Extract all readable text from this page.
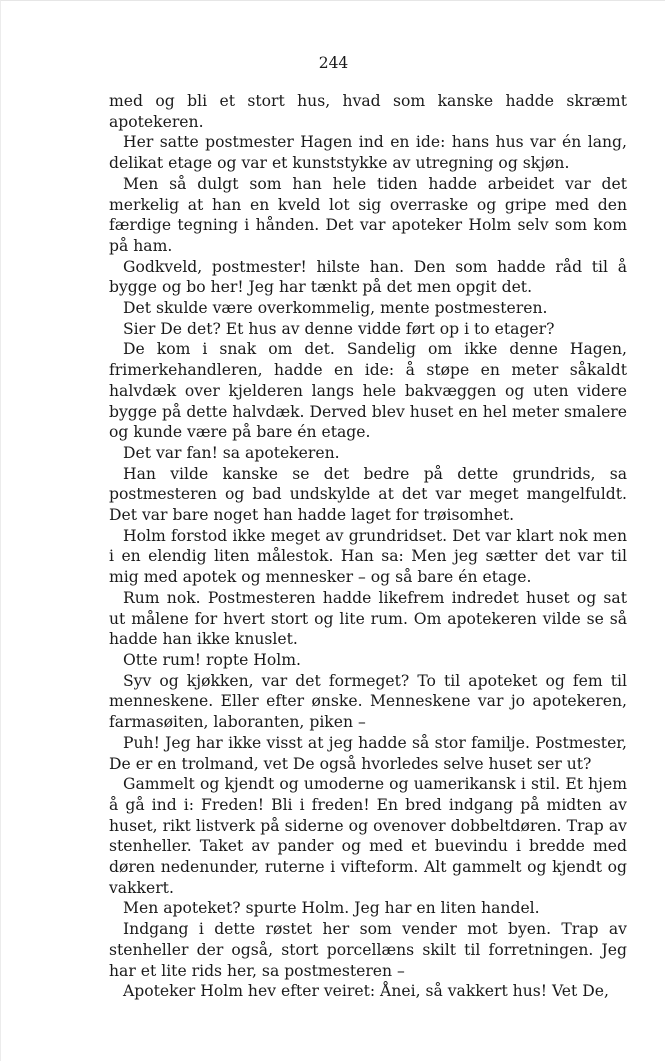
244

med og bli et stort hus, hvad som kanske hadde skræmt apotekeren.

Her satte postmester Hagen ind en ide: hans hus var én lang, delikat etage og var et kunststykke av utregning og skjøn.

Men så dulgt som han hele tiden hadde arbeidet var det merkelig at han en kveld lot sig overraske og gripe med den færdige tegning i hånden. Det var apoteker Holm selv som kom på ham.

Godkveld, postmester! hilste han. Den som hadde råd til å bygge og bo her! Jeg har tænkt på det men opgit det.

Det skulde være overkommelig, mente postmesteren.

Sier De det? Et hus av denne vidde ført op i to etager?

De kom i snak om det. Sandelig om ikke denne Hagen, frimerkehandleren, hadde en ide: å støpe en meter såkaldt halvdæk over kjelderen langs hele bakvæggen og uten videre bygge på dette halvdæk. Derved blev huset en hel meter smalere og kunde være på bare én etage.

Det var fan! sa apotekeren.

Han vilde kanske se det bedre på dette grundrids, sa postmesteren og bad undskylde at det var meget mangelfuldt. Det var bare noget han hadde laget for trøisomhet.

Holm forstod ikke meget av grundridset. Det var klart nok men i en elendig liten målestok. Han sa: Men jeg sætter det var til mig med apotek og mennesker – og så bare én etage.

Rum nok. Postmesteren hadde likefrem indredet huset og sat ut målene for hvert stort og lite rum. Om apotekeren vilde se så hadde han ikke knuslet.

Otte rum! ropte Holm.

Syv og kjøkken, var det formeget? To til apoteket og fem til menneskene. Eller efter ønske. Menneskene var jo apotekeren, farmasøiten, laboranten, piken –

Puh! Jeg har ikke visst at jeg hadde så stor familje. Postmester, De er en trolmand, vet De også hvorledes selve huset ser ut?

Gammelt og kjendt og umoderne og uamerikansk i stil. Et hjem å gå ind i: Freden! Bli i freden! En bred indgang på midten av huset, rikt listverk på siderne og ovenover dobbeltdøren. Trap av stenheller. Taket av pander og med et buevindu i bredde med døren nedenunder, ruterne i vifteform. Alt gammelt og kjendt og vakkert.

Men apoteket? spurte Holm. Jeg har en liten handel.

Indgang i dette røstet her som vender mot byen. Trap av stenheller der også, stort porcellæns skilt til forretningen. Jeg har et lite rids her, sa postmesteren –

Apoteker Holm hev efter veiret: Ånei, så vakkert hus! Vet De,
